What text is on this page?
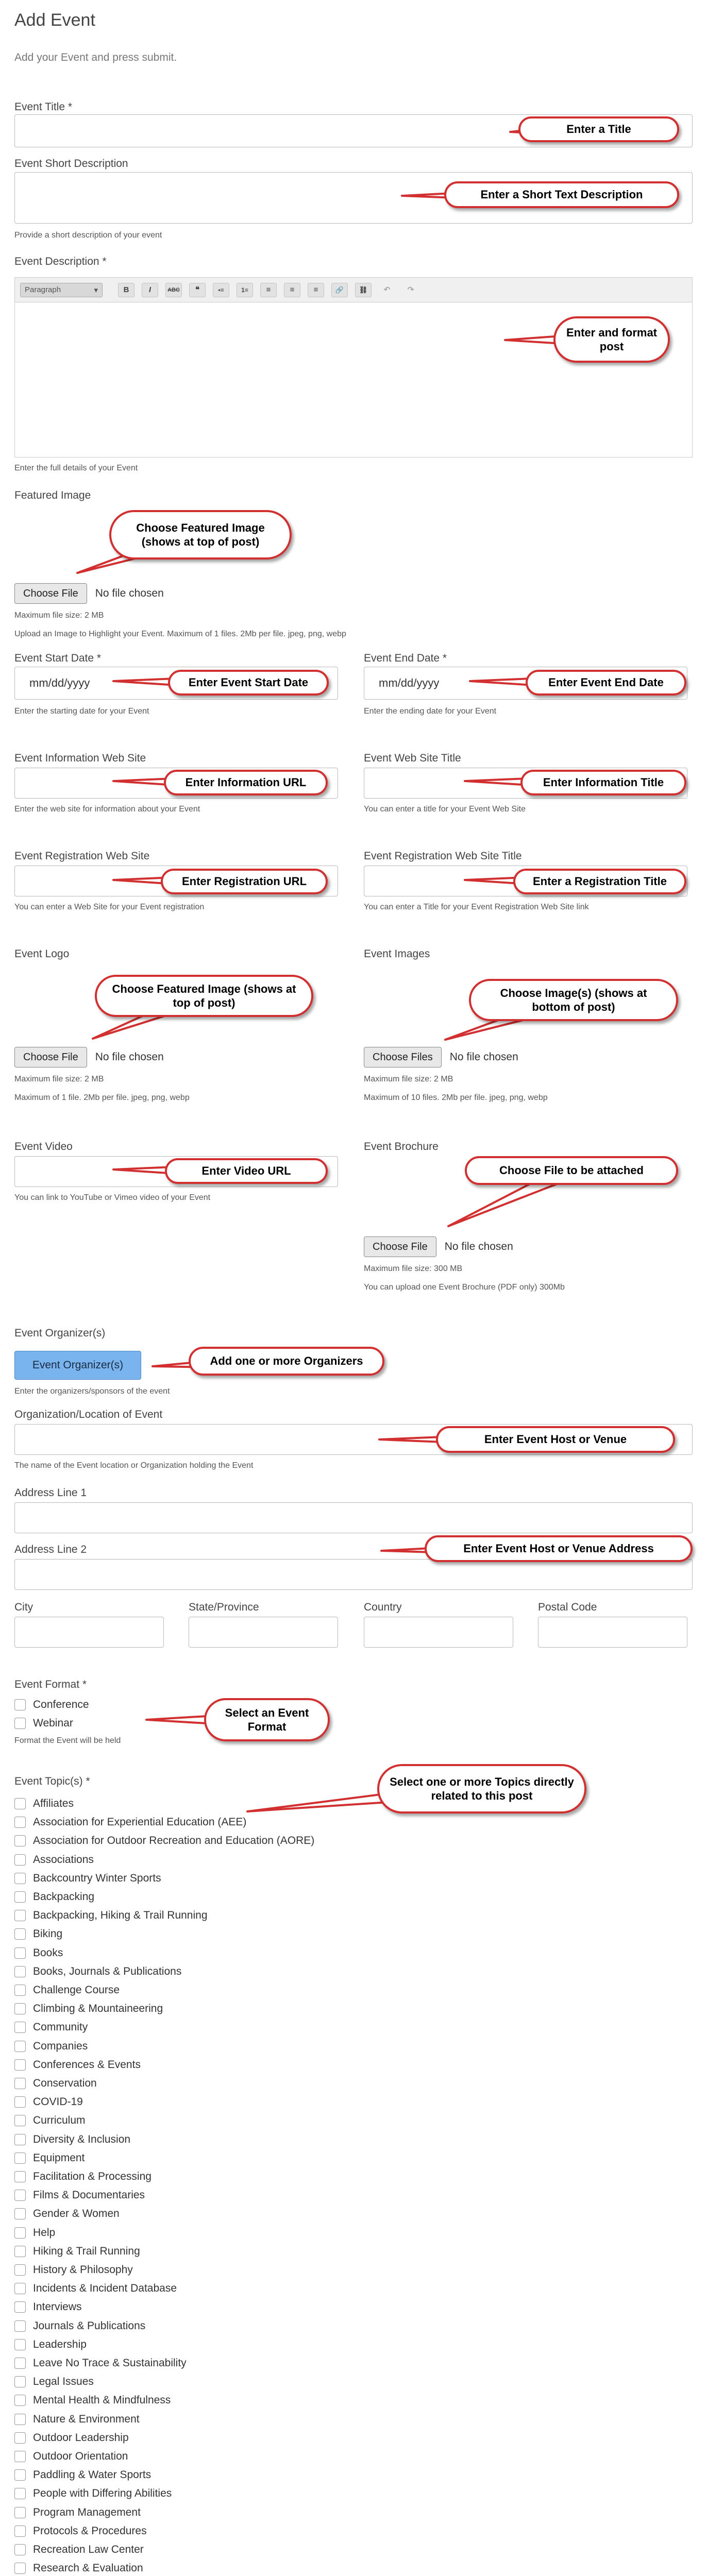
Add Event
Add your Event and press submit.
Event Title *
Event Short Description
Provide a short description of your event
Event Description *
Paragraph	▾	B	I	ABC	❝	•≡	1≡	≡	≡	≡	🔗	⛓	↶	↷
Enter the full details of your Event
Featured Image
Choose File	No file chosen
Maximum file size: 2 MB
Upload an Image to Highlight your Event. Maximum of 1 files. 2Mb per file. jpeg, png, webp
Event Start Date *
mm/dd/yyyy
Enter the starting date for your Event
Event End Date *
mm/dd/yyyy
Enter the ending date for your Event
Event Information Web Site
Enter the web site for information about your Event
Event Web Site Title
You can enter a title for your Event Web Site
Event Registration Web Site
You can enter a Web Site for your Event registration
Event Registration Web Site Title
You can enter a Title for your Event Registration Web Site link
Event Logo
Choose File	No file chosen
Maximum file size: 2 MB
Maximum of 1 file. 2Mb per file. jpeg, png, webp
Event Images
Choose Files	No file chosen
Maximum file size: 2 MB
Maximum of 10 files. 2Mb per file. jpeg, png, webp
Event Video
You can link to YouTube or Vimeo video of your Event
Event Brochure
Choose File	No file chosen
Maximum file size: 300 MB
You can upload one Event Brochure (PDF only) 300Mb
Event Organizer(s)
Event Organizer(s)
Enter the organizers/sponsors of the event
Organization/Location of Event
The name of the Event location or Organization holding the Event
Address Line 1
Address Line 2
City	State/Province	Country	Postal Code
Event Format *
Conference
Webinar
Format the Event will be held
Event Topic(s) *
Affiliates
Association for Experiential Education (AEE)
Association for Outdoor Recreation and Education (AORE)
Associations
Backcountry Winter Sports
Backpacking
Backpacking, Hiking & Trail Running
Biking
Books
Books, Journals & Publications
Challenge Course
Climbing & Mountaineering
Community
Companies
Conferences & Events
Conservation
COVID-19
Curriculum
Diversity & Inclusion
Equipment
Facilitation & Processing
Films & Documentaries
Gender & Women
Help
Hiking & Trail Running
History & Philosophy
Incidents & Incident Database
Interviews
Journals & Publications
Leadership
Leave No Trace & Sustainability
Legal Issues
Mental Health & Mindfulness
Nature & Environment
Outdoor Leadership
Outdoor Orientation
Paddling & Water Sports
People with Differing Abilities
Program Management
Protocols & Procedures
Recreation Law Center
Research & Evaluation
Enter a Title
Enter a Short Text Description
Enter and format post
Choose Featured Image (shows at top of post)
Enter Event Start Date	Enter Event End Date
Enter Information URL	Enter Information Title
Enter Registration URL	Enter a Registration Title
Choose Featured Image (shows at top of post)
Choose Image(s) (shows at bottom of post)
Enter Video URL	Choose File to be attached
Add one or more Organizers
Enter Event Host or Venue
Enter Event Host or Venue Address
Select an Event Format
Select one or more Topics directly related to this post
